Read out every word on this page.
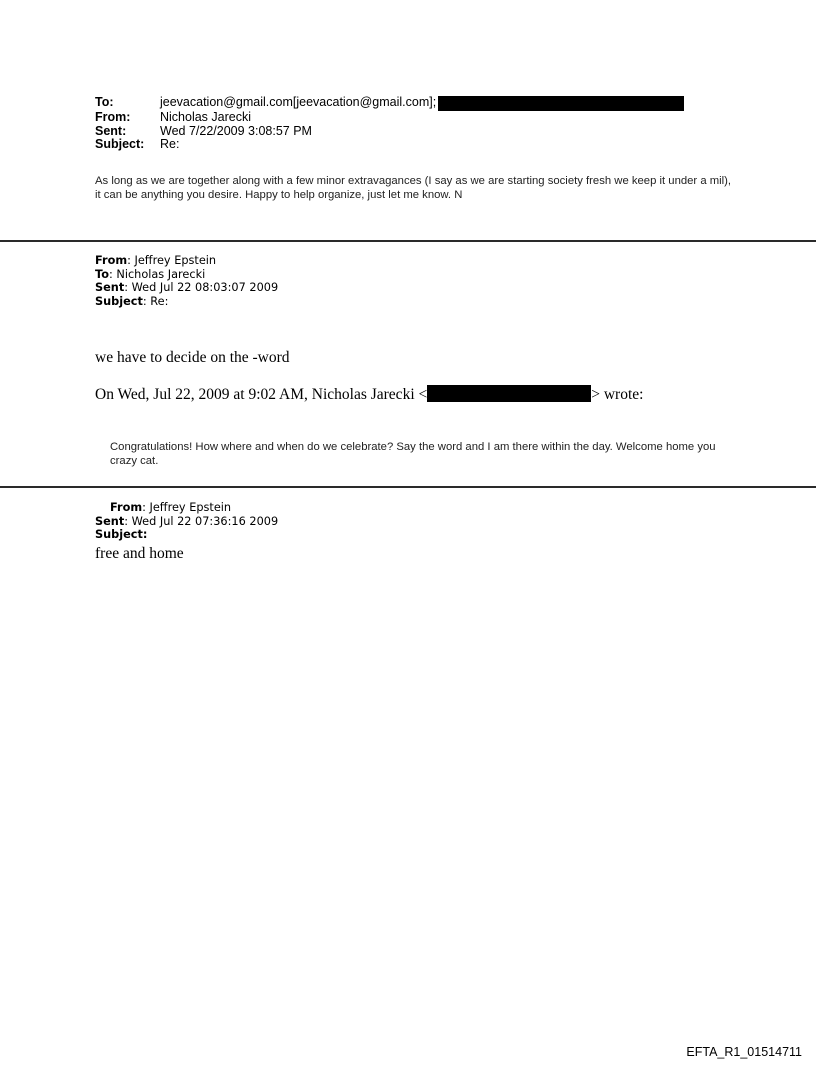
To:	jeevacation@gmail.com[jeevacation@gmail.com];
From:	Nicholas Jarecki
Sent:	Wed 7/22/2009 3:08:57 PM
Subject:	Re:
As long as we are together along with a few minor extravagances (I say as we are starting society fresh we keep it under a mil), it can be anything you desire. Happy to help organize, just let me know. N
From: Jeffrey Epstein
To: Nicholas Jarecki
Sent: Wed Jul 22 08:03:07 2009
Subject: Re:
we have to decide on the -word
On Wed, Jul 22, 2009 at 9:02 AM, Nicholas Jarecki <	> wrote:
Congratulations! How where and when do we celebrate? Say the word and I am there within the day. Welcome home you crazy cat.
From: Jeffrey Epstein
Sent: Wed Jul 22 07:36:16 2009
Subject:
free and home
EFTA_R1_01514711
